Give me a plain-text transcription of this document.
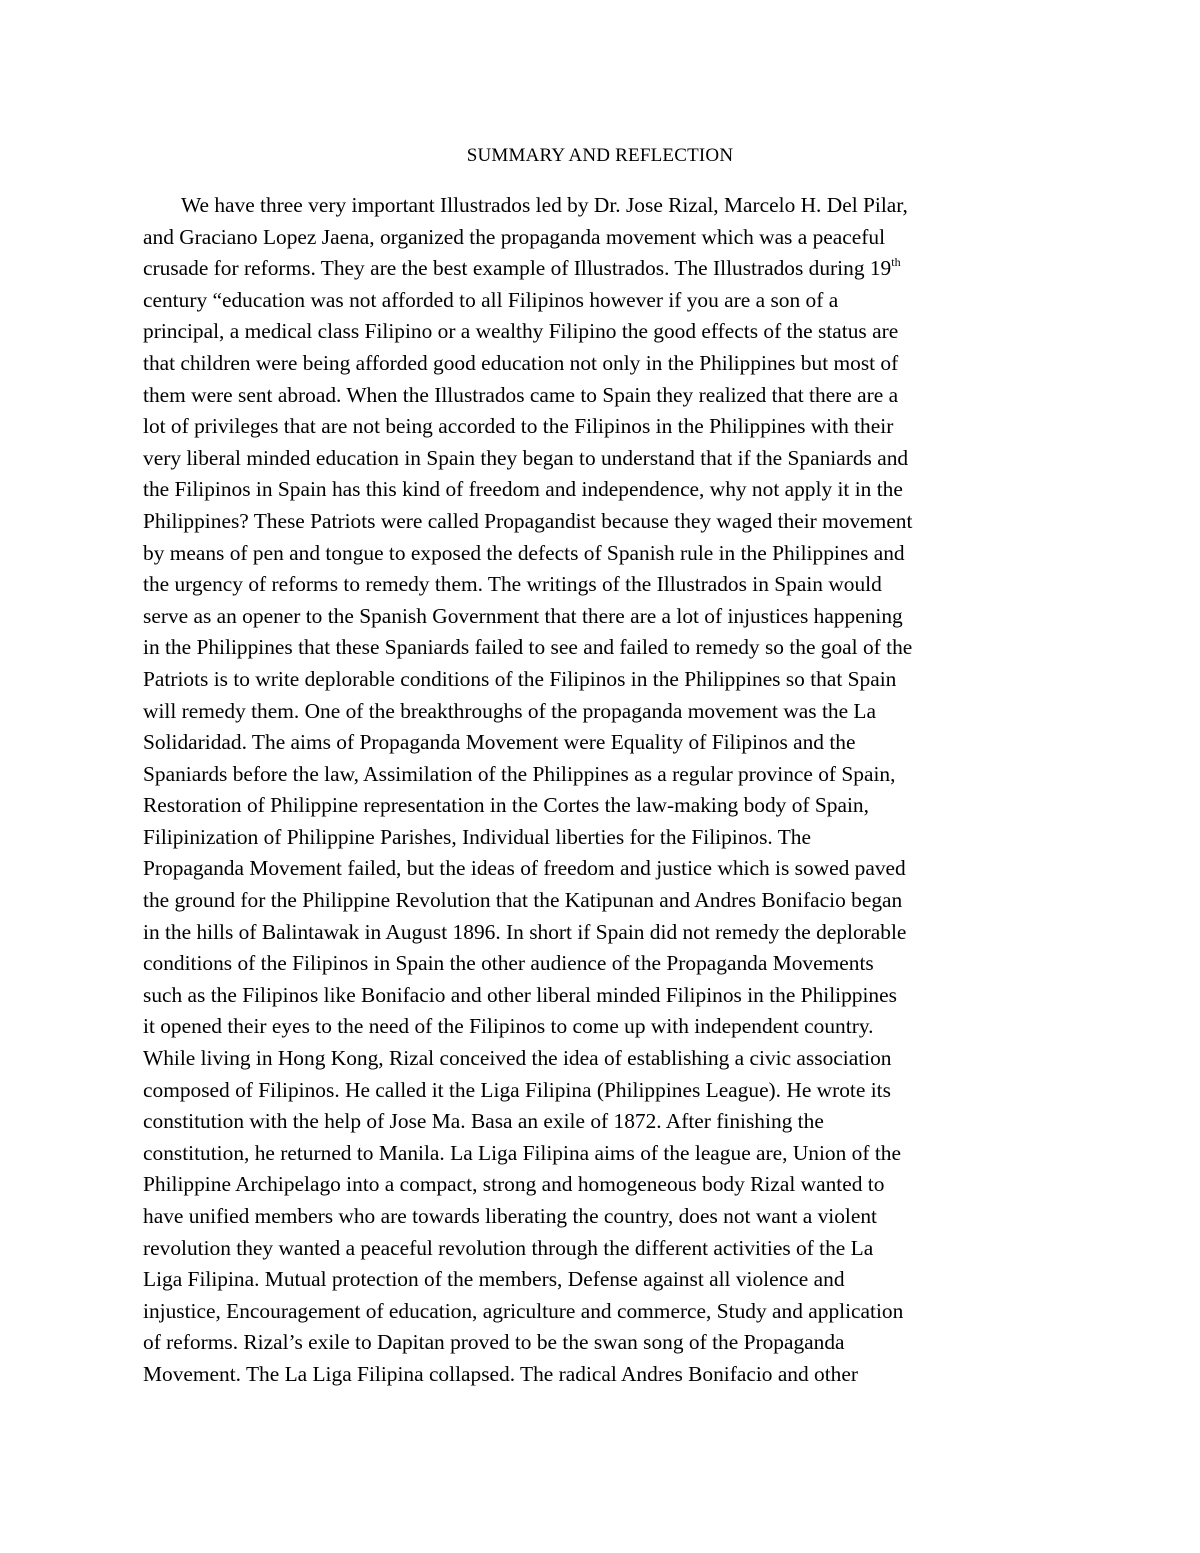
SUMMARY AND REFLECTION
We have three very important Illustrados led by Dr. Jose Rizal, Marcelo H. Del Pilar,
and Graciano Lopez Jaena, organized the propaganda movement which was a peaceful
crusade for reforms. They are the best example of Illustrados. The Illustrados during 19th
century “education was not afforded to all Filipinos however if you are a son of a
principal, a medical class Filipino or a wealthy Filipino the good effects of the status are
that children were being afforded good education not only in the Philippines but most of
them were sent abroad. When the Illustrados came to Spain they realized that there are a
lot of privileges that are not being accorded to the Filipinos in the Philippines with their
very liberal minded education in Spain they began to understand that if the Spaniards and
the Filipinos in Spain has this kind of freedom and independence, why not apply it in the
Philippines? These Patriots were called Propagandist because they waged their movement
by means of pen and tongue to exposed the defects of Spanish rule in the Philippines and
the urgency of reforms to remedy them. The writings of the Illustrados in Spain would
serve as an opener to the Spanish Government that there are a lot of injustices happening
in the Philippines that these Spaniards failed to see and failed to remedy so the goal of the
Patriots is to write deplorable conditions of the Filipinos in the Philippines so that Spain
will remedy them. One of the breakthroughs of the propaganda movement was the La
Solidaridad. The aims of Propaganda Movement were Equality of Filipinos and the
Spaniards before the law, Assimilation of the Philippines as a regular province of Spain,
Restoration of Philippine representation in the Cortes the law-making body of Spain,
Filipinization of Philippine Parishes, Individual liberties for the Filipinos. The
Propaganda Movement failed, but the ideas of freedom and justice which is sowed paved
the ground for the Philippine Revolution that the Katipunan and Andres Bonifacio began
in the hills of Balintawak in August 1896. In short if Spain did not remedy the deplorable
conditions of the Filipinos in Spain the other audience of the Propaganda Movements
such as the Filipinos like Bonifacio and other liberal minded Filipinos in the Philippines
it opened their eyes to the need of the Filipinos to come up with independent country.
While living in Hong Kong, Rizal conceived the idea of establishing a civic association
composed of Filipinos. He called it the Liga Filipina (Philippines League). He wrote its
constitution with the help of Jose Ma. Basa an exile of 1872. After finishing the
constitution, he returned to Manila. La Liga Filipina aims of the league are, Union of the
Philippine Archipelago into a compact, strong and homogeneous body Rizal wanted to
have unified members who are towards liberating the country, does not want a violent
revolution they wanted a peaceful revolution through the different activities of the La
Liga Filipina. Mutual protection of the members, Defense against all violence and
injustice, Encouragement of education, agriculture and commerce, Study and application
of reforms. Rizal’s exile to Dapitan proved to be the swan song of the Propaganda
Movement. The La Liga Filipina collapsed. The radical Andres Bonifacio and other
